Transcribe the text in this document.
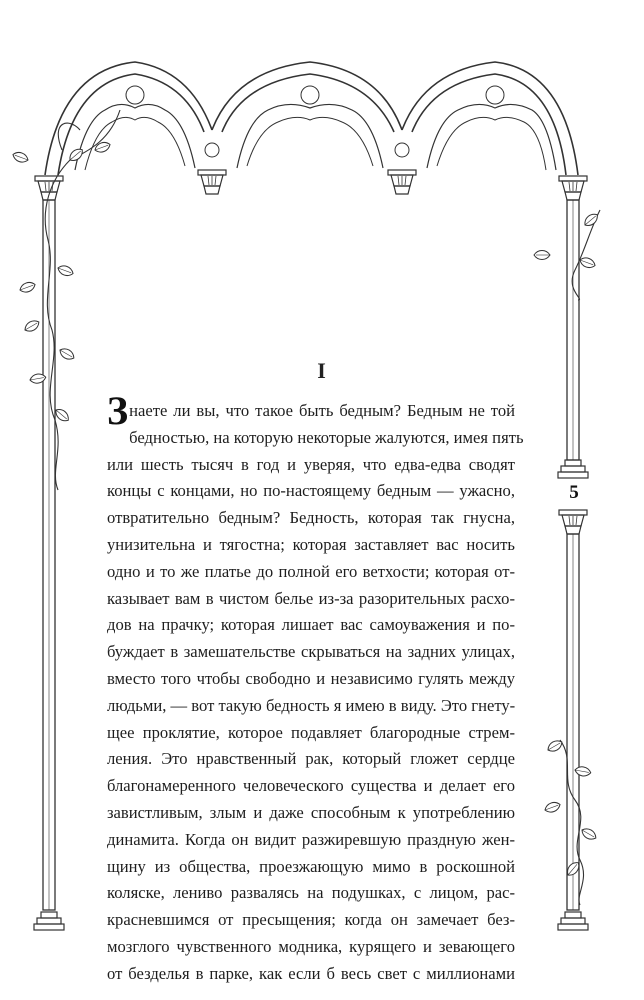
I
5
З наете ли вы, что такое быть бедным? Бедным не той
бедностью, на которую некоторые жалуются, имея пять
или шесть тысяч в год и уверяя, что едва-едва сводят
концы с концами, но по-настоящему бедным — ужасно,
отвратительно бедным? Бедность, которая так гнусна,
унизительна и тягостна; которая заставляет вас носить
одно и то же платье до полной его ветхости; которая от-
казывает вам в чистом белье из-за разорительных расхо-
дов на прачку; которая лишает вас самоуважения и по-
буждает в замешательстве скрываться на задних улицах,
вместо того чтобы свободно и независимо гулять между
людьми, — вот такую бедность я имею в виду. Это гнету-
щее проклятие, которое подавляет благородные стрем-
ления. Это нравственный рак, который гложет сердце
благонамеренного человеческого существа и делает его
завистливым, злым и даже способным к употреблению
динамита. Когда он видит разжиревшую праздную жен-
щину из общества, проезжающую мимо в роскошной
коляске, лениво развалясь на подушках, с лицом, рас-
красневшимся от пресыщения; когда он замечает без-
мозглого чувственного модника, курящего и зевающего
от безделья в парке, как если б весь свет с миллионами
